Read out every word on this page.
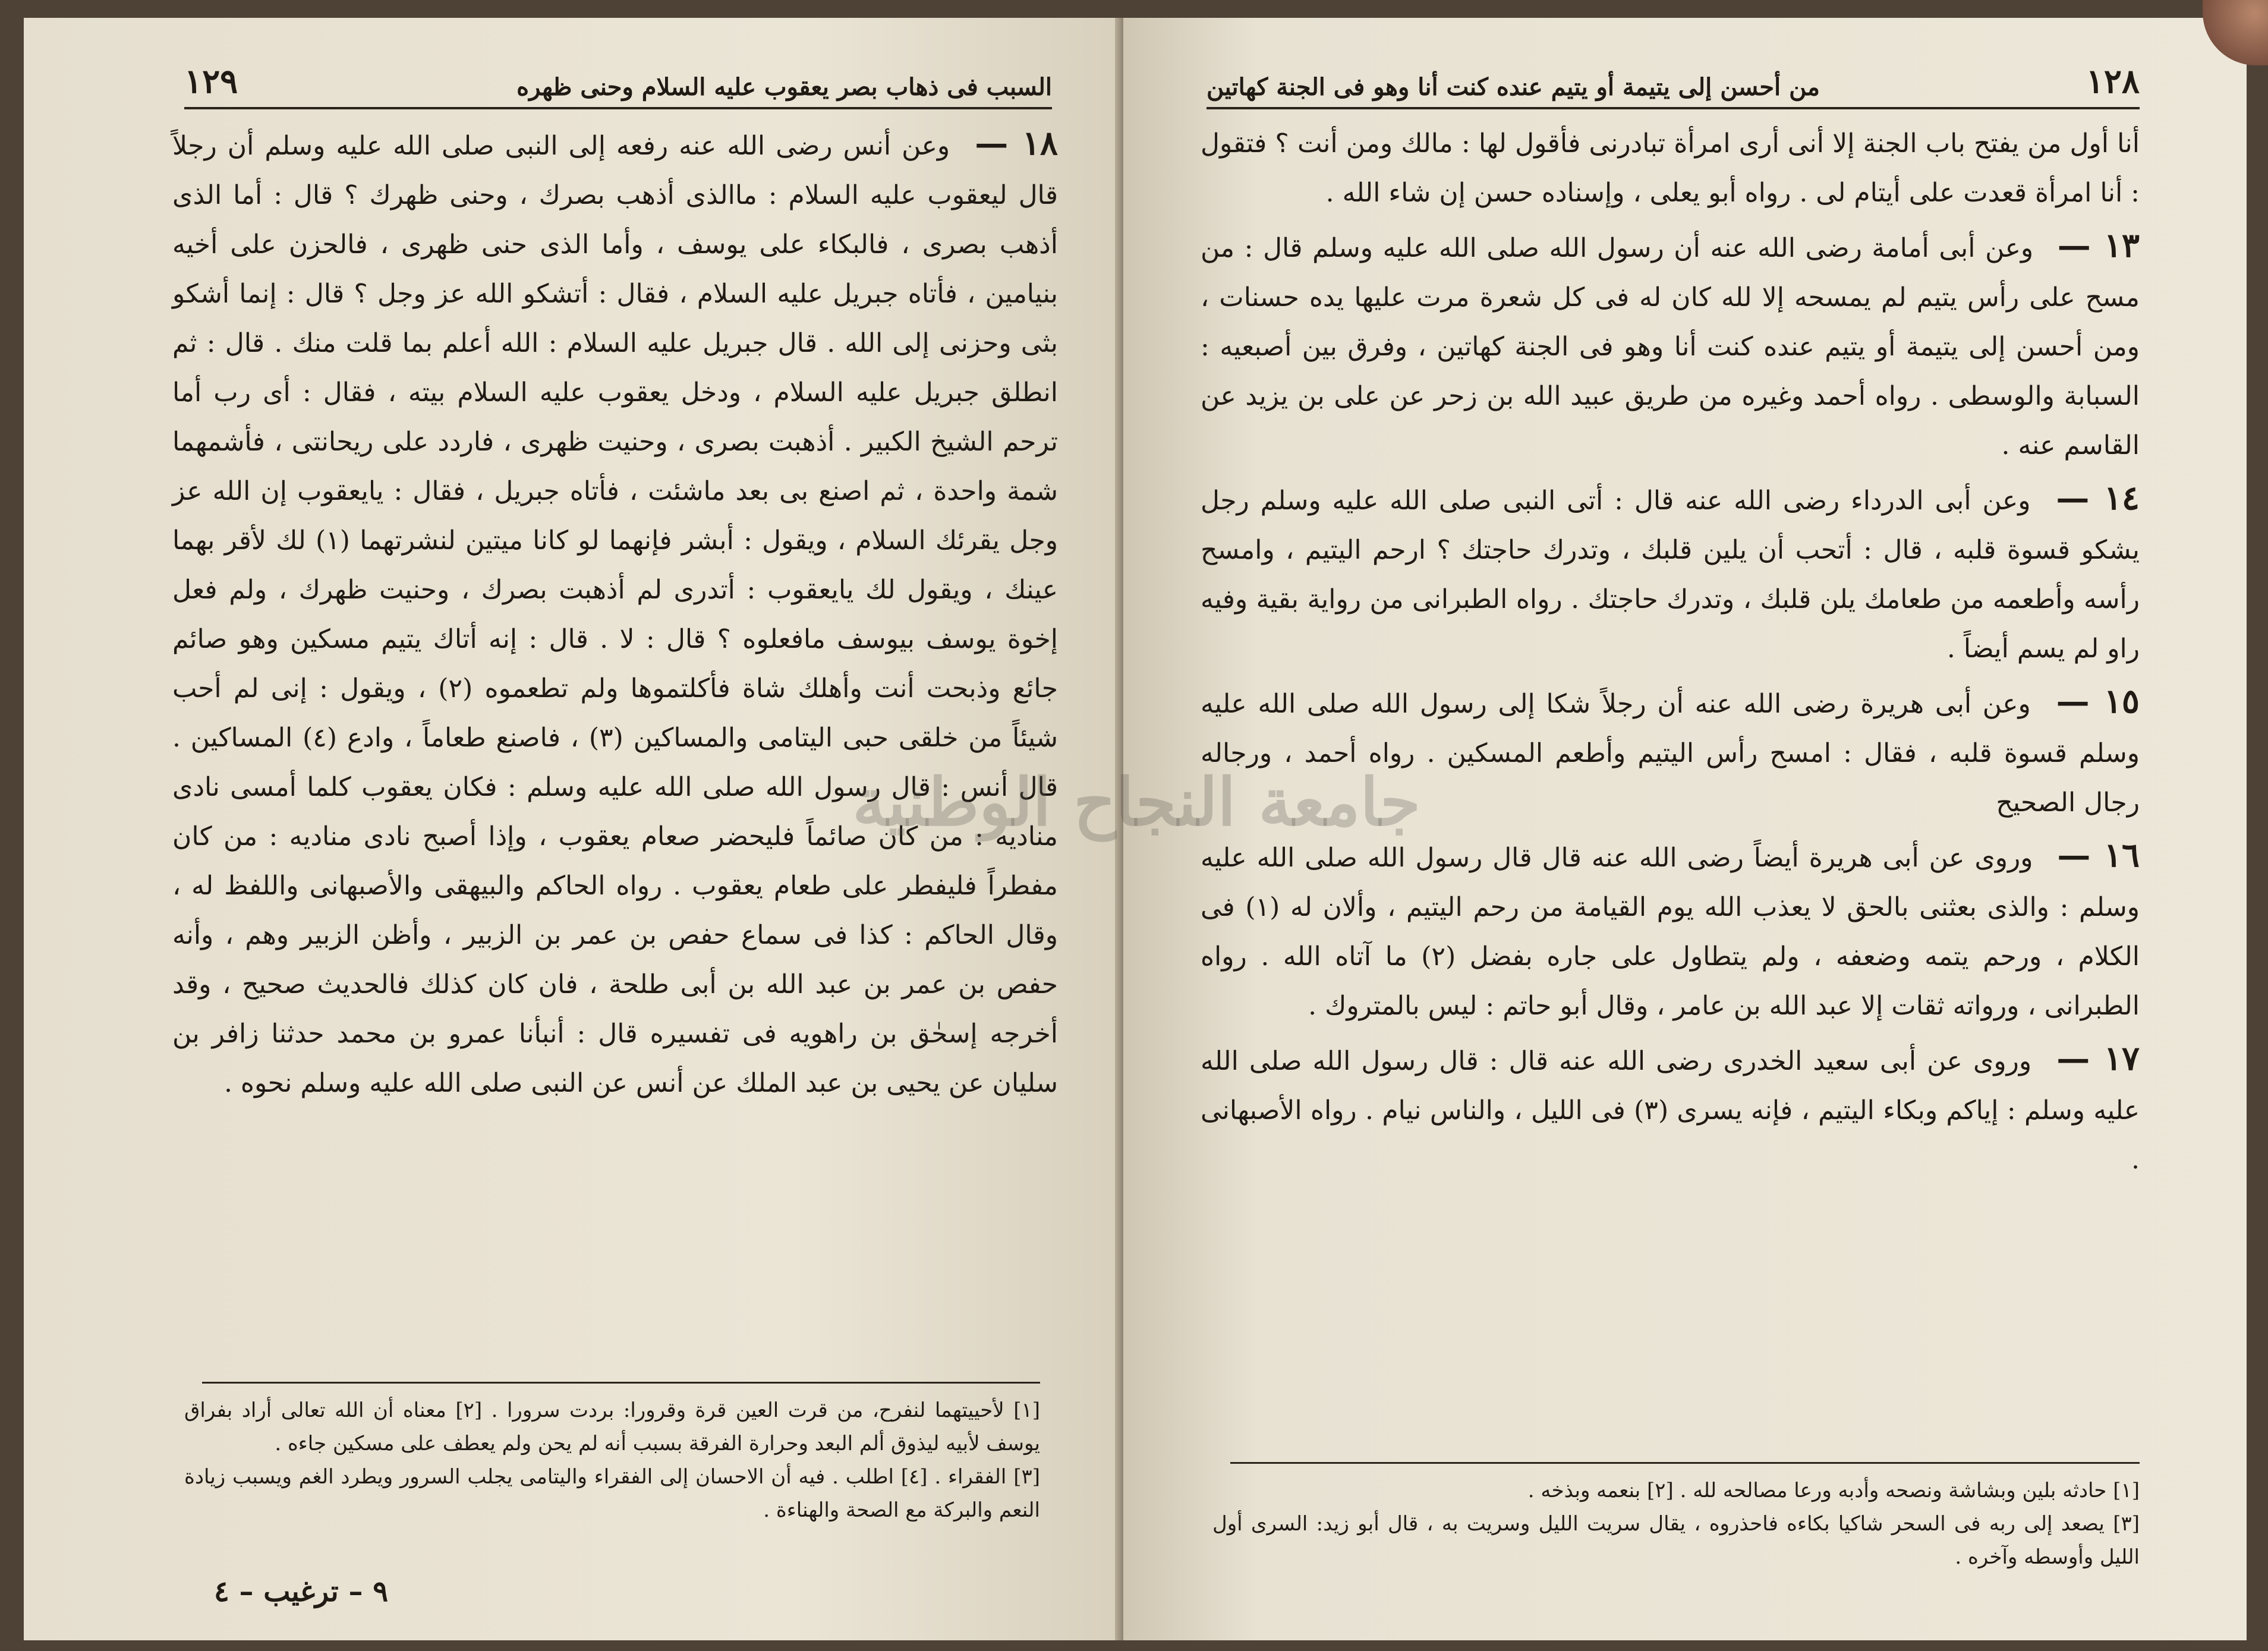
السبب فى ذهاب بصر يعقوب عليه السلام وحنى ظهره
١٢٩

١٨ — وعن أنس رضى الله عنه رفعه إلى النبى صلى الله عليه وسلم أن رجلاً قال ليعقوب عليه السلام : ماالذى أذهب بصرك ، وحنى ظهرك ؟ قال : أما الذى أذهب بصرى ، فالبكاء على يوسف ، وأما الذى حنى ظهرى ، فالحزن على أخيه بنيامين ، فأتاه جبريل عليه السلام ، فقال : أتشكو الله عز وجل ؟ قال : إنما أشكو بثى وحزنى إلى الله . قال جبريل عليه السلام : الله أعلم بما قلت منك . قال : ثم انطلق جبريل عليه السلام ، ودخل يعقوب عليه السلام بيته ، فقال : أى رب أما ترحم الشيخ الكبير . أذهبت بصرى ، وحنيت ظهرى ، فاردد على ريحانتى ، فأشمهما شمة واحدة ، ثم اصنع بى بعد ماشئت ، فأتاه جبريل ، فقال : يايعقوب إن الله عز وجل يقرئك السلام ، ويقول : أبشر فإنهما لو كانا ميتين لنشرتهما (١) لك لأقر بهما عينك ، ويقول لك يايعقوب : أتدرى لم أذهبت بصرك ، وحنيت ظهرك ، ولم فعل إخوة يوسف بيوسف مافعلوه ؟ قال : لا . قال : إنه أتاك يتيم مسكين وهو صائم جائع وذبحت أنت وأهلك شاة فأكلتموها ولم تطعموه (٢) ، ويقول : إنى لم أحب شيئاً من خلقى حبى اليتامى والمساكين (٣) ، فاصنع طعاماً ، وادع (٤) المساكين . قال أنس : قال رسول الله صلى الله عليه وسلم : فكان يعقوب كلما أمسى نادى مناديه : من كان صائماً فليحضر صعام يعقوب ، وإذا أصبح نادى مناديه : من كان مفطراً فليفطر على طعام يعقوب . رواه الحاكم والبيهقى والأصبهانى واللفظ له ، وقال الحاكم : كذا فى سماع حفص بن عمر بن الزبير ، وأظن الزبير وهم ، وأنه حفص بن عمر بن عبد الله بن أبى طلحة ، فان كان كذلك فالحديث صحيح ، وقد أخرجه إسحٰق بن راهويه فى تفسيره قال : أنبأنا عمرو بن محمد حدثنا زافر بن سليان عن يحيى بن عبد الملك عن أنس عن النبى صلى الله عليه وسلم نحوه .

[١] لأحييتهما لنفرح، من قرت العين قرة وقرورا: بردت سرورا . [٢] معناه أن الله تعالى أراد بفراق يوسف لأبيه ليذوق ألم البعد وحرارة الفرقة بسبب أنه لم يحن ولم يعطف على مسكين جاءه .

[٣] الفقراء . [٤] اطلب . فيه أن الاحسان إلى الفقراء واليتامى يجلب السرور ويطرد الغم ويسبب زيادة النعم والبركة مع الصحة والهناءة .

٩ – ترغيب – ٤
١٢٨
من أحسن إلى يتيمة أو يتيم عنده كنت أنا وهو فى الجنة كهاتين

أنا أول من يفتح باب الجنة إلا أنى أرى امرأة تبادرنى فأقول لها : مالك ومن أنت ؟ فتقول : أنا امرأة قعدت على أيتام لى . رواه أبو يعلى ، وإسناده حسن إن شاء الله .

١٣ — وعن أبى أمامة رضى الله عنه أن رسول الله صلى الله عليه وسلم قال : من مسح على رأس يتيم لم يمسحه إلا لله كان له فى كل شعرة مرت عليها يده حسنات ، ومن أحسن إلى يتيمة أو يتيم عنده كنت أنا وهو فى الجنة كهاتين ، وفرق بين أصبعيه : السبابة والوسطى . رواه أحمد وغيره من طريق عبيد الله بن زحر عن على بن يزيد عن القاسم عنه .

١٤ — وعن أبى الدرداء رضى الله عنه قال : أتى النبى صلى الله عليه وسلم رجل يشكو قسوة قلبه ، قال : أتحب أن يلين قلبك ، وتدرك حاجتك ؟ ارحم اليتيم ، وامسح رأسه وأطعمه من طعامك يلن قلبك ، وتدرك حاجتك . رواه الطبرانى من رواية بقية وفيه راو لم يسم أيضاً .

١٥ — وعن أبى هريرة رضى الله عنه أن رجلاً شكا إلى رسول الله صلى الله عليه وسلم قسوة قلبه ، فقال : امسح رأس اليتيم وأطعم المسكين . رواه أحمد ، ورجاله رجال الصحيح

١٦ — وروى عن أبى هريرة أيضاً رضى الله عنه قال قال رسول الله صلى الله عليه وسلم : والذى بعثنى بالحق لا يعذب الله يوم القيامة من رحم اليتيم ، وألان له (١) فى الكلام ، ورحم يتمه وضعفه ، ولم يتطاول على جاره بفضل (٢) ما آتاه الله . رواه الطبرانى ، ورواته ثقات إلا عبد الله بن عامر ، وقال أبو حاتم : ليس بالمتروك .

١٧ — وروى عن أبى سعيد الخدرى رضى الله عنه قال : قال رسول الله صلى الله عليه وسلم : إياكم وبكاء اليتيم ، فإنه يسرى (٣) فى الليل ، والناس نيام . رواه الأصبهانى .

[١] حادثه بلين وبشاشة ونصحه وأدبه ورعا مصالحه لله . [٢] بنعمه وبذخه .

[٣] يصعد إلى ربه فى السحر شاكيا بكاءه فاحذروه ، يقال سريت الليل وسريت به ، قال أبو زيد: السرى أول الليل وأوسطه وآخره .

جامعة النجاح الوطنية
